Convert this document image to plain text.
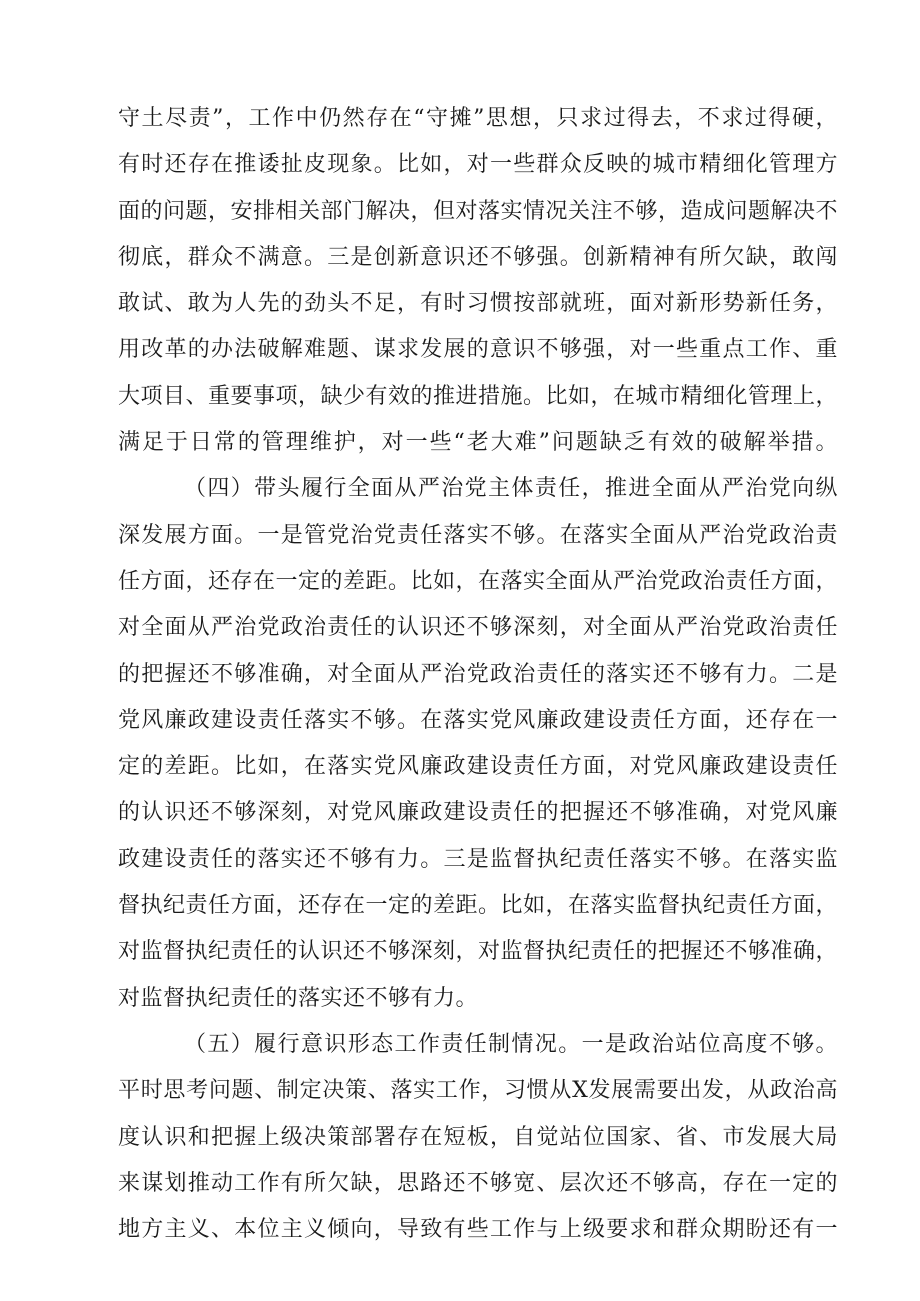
守土尽责”，工作中仍然存在“守摊”思想，只求过得去，不求过得硬，
有时还存在推诿扯皮现象。比如，对一些群众反映的城市精细化管理方
面的问题，安排相关部门解决，但对落实情况关注不够，造成问题解决不
彻底，群众不满意。三是创新意识还不够强。创新精神有所欠缺，敢闯
敢试、敢为人先的劲头不足，有时习惯按部就班，面对新形势新任务，
用改革的办法破解难题、谋求发展的意识不够强，对一些重点工作、重
大项目、重要事项，缺少有效的推进措施。比如，在城市精细化管理上，
满足于日常的管理维护，对一些“老大难”问题缺乏有效的破解举措。
（四）带头履行全面从严治党主体责任，推进全面从严治党向纵
深发展方面。一是管党治党责任落实不够。在落实全面从严治党政治责
任方面，还存在一定的差距。比如，在落实全面从严治党政治责任方面，
对全面从严治党政治责任的认识还不够深刻，对全面从严治党政治责任
的把握还不够准确，对全面从严治党政治责任的落实还不够有力。二是
党风廉政建设责任落实不够。在落实党风廉政建设责任方面，还存在一
定的差距。比如，在落实党风廉政建设责任方面，对党风廉政建设责任
的认识还不够深刻，对党风廉政建设责任的把握还不够准确，对党风廉
政建设责任的落实还不够有力。三是监督执纪责任落实不够。在落实监
督执纪责任方面，还存在一定的差距。比如，在落实监督执纪责任方面，
对监督执纪责任的认识还不够深刻，对监督执纪责任的把握还不够准确，
对监督执纪责任的落实还不够有力。
（五）履行意识形态工作责任制情况。一是政治站位高度不够。
平时思考问题、制定决策、落实工作，习惯从X发展需要出发，从政治高
度认识和把握上级决策部署存在短板，自觉站位国家、省、市发展大局
来谋划推动工作有所欠缺，思路还不够宽、层次还不够高，存在一定的
地方主义、本位主义倾向，导致有些工作与上级要求和群众期盼还有一
